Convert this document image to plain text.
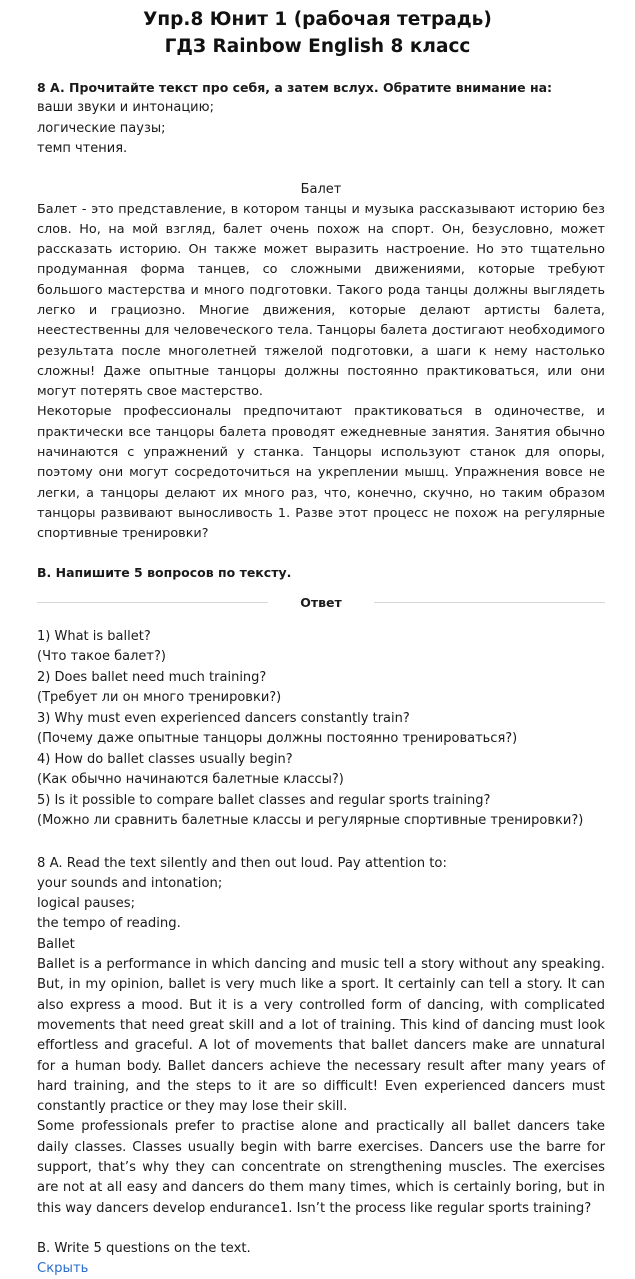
Упр.8 Юнит 1 (рабочая тетрадь)
ГДЗ Rainbow English 8 класс
8 A. Прочитайте текст про себя, а затем вслух. Обратите внимание на:
ваши звуки и интонацию;
логические паузы;
темп чтения.
Балет
Балет - это представление, в котором танцы и музыка рассказывают историю без слов. Но, на мой взгляд, балет очень похож на спорт. Он, безусловно, может рассказать историю. Он также может выразить настроение. Но это тщательно продуманная форма танцев, со сложными движениями, которые требуют большого мастерства и много подготовки. Такого рода танцы должны выглядеть легко и грациозно. Многие движения, которые делают артисты балета, неестественны для человеческого тела. Танцоры балета достигают необходимого результата после многолетней тяжелой подготовки, а шаги к нему настолько сложны! Даже опытные танцоры должны постоянно практиковаться, или они могут потерять свое мастерство.
Некоторые профессионалы предпочитают практиковаться в одиночестве, и практически все танцоры балета проводят ежедневные занятия. Занятия обычно начинаются с упражнений у станка. Танцоры используют станок для опоры, поэтому они могут сосредоточиться на укреплении мышц. Упражнения вовсе не легки, а танцоры делают их много раз, что, конечно, скучно, но таким образом танцоры развивают выносливость 1. Разве этот процесс не похож на регулярные спортивные тренировки?
B. Напишите 5 вопросов по тексту.
Ответ
1) What is ballet?
(Что такое балет?)
2) Does ballet need much training?
(Требует ли он много тренировки?)
3) Why must even experienced dancers constantly train?
(Почему даже опытные танцоры должны постоянно тренироваться?)
4) How do ballet classes usually begin?
(Как обычно начинаются балетные классы?)
5) Is it possible to compare ballet classes and regular sports training?
(Можно ли сравнить балетные классы и регулярные спортивные тренировки?)
8 A. Read the text silently and then out loud. Pay attention to:
your sounds and intonation;
logical pauses;
the tempo of reading.
Ballet
Ballet is a performance in which dancing and music tell a story without any speaking. But, in my opinion, ballet is very much like a sport. It certainly can tell a story. It can also express a mood. But it is a very controlled form of dancing, with complicated movements that need great skill and a lot of training. This kind of dancing must look effortless and graceful. A lot of movements that ballet dancers make are unnatural for a human body. Ballet dancers achieve the necessary result after many years of hard training, and the steps to it are so difficult! Even experienced dancers must constantly practice or they may lose their skill.
Some professionals prefer to practise alone and practically all ballet dancers take daily classes. Classes usually begin with barre exercises. Dancers use the barre for support, that’s why they can concentrate on strengthening muscles. The exercises are not at all easy and dancers do them many times, which is certainly boring, but in this way dancers develop endurance1. Isn’t the process like regular sports training?
B. Write 5 questions on the text.
Скрыть
